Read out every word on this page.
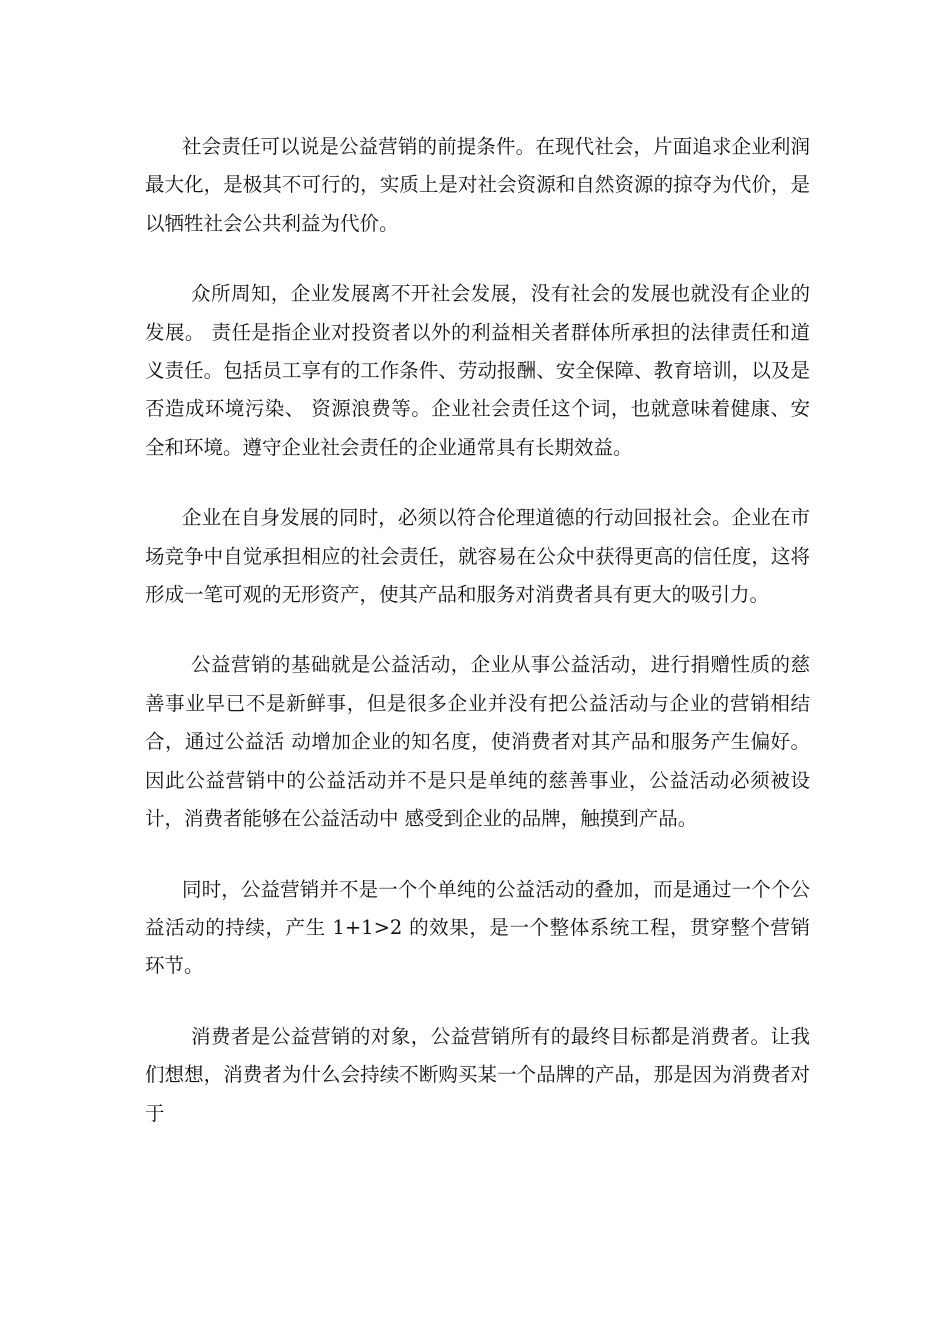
社会责任可以说是公益营销的前提条件。在现代社会，片面追求企业利润最大化，是极其不可行的，实质上是对社会资源和自然资源的掠夺为代价，是以牺牲社会公共利益为代价。

众所周知，企业发展离不开社会发展，没有社会的发展也就没有企业的发展。 责任是指企业对投资者以外的利益相关者群体所承担的法律责任和道义责任。包括员工享有的工作条件、劳动报酬、安全保障、教育培训，以及是否造成环境污染、 资源浪费等。企业社会责任这个词，也就意味着健康、安全和环境。遵守企业社会责任的企业通常具有长期效益。

企业在自身发展的同时，必须以符合伦理道德的行动回报社会。企业在市场竞争中自觉承担相应的社会责任，就容易在公众中获得更高的信任度，这将形成一笔可观的无形资产，使其产品和服务对消费者具有更大的吸引力。

公益营销的基础就是公益活动，企业从事公益活动，进行捐赠性质的慈善事业早已不是新鲜事，但是很多企业并没有把公益活动与企业的营销相结合，通过公益活 动增加企业的知名度，使消费者对其产品和服务产生偏好。因此公益营销中的公益活动并不是只是单纯的慈善事业，公益活动必须被设计，消费者能够在公益活动中 感受到企业的品牌，触摸到产品。

同时，公益营销并不是一个个单纯的公益活动的叠加，而是通过一个个公益活动的持续，产生 1+1>2 的效果，是一个整体系统工程，贯穿整个营销环节。

消费者是公益营销的对象，公益营销所有的最终目标都是消费者。让我们想想，消费者为什么会持续不断购买某一个品牌的产品，那是因为消费者对于
